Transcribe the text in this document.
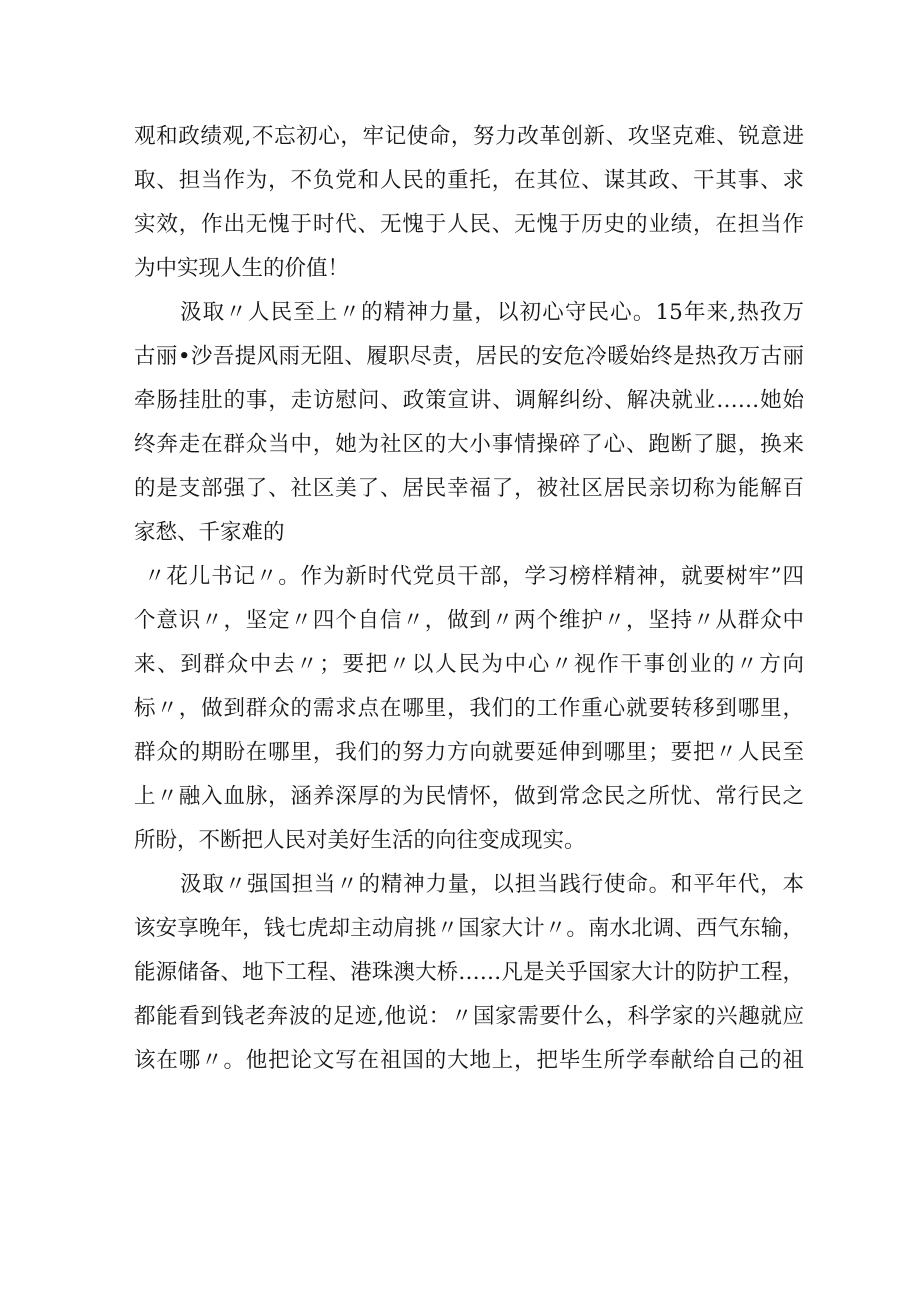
观和政绩观,不忘初心，牢记使命，努力改革创新、攻坚克难、锐意进
取、担当作为，不负党和人民的重托，在其位、谋其政、干其事、求
实效，作出无愧于时代、无愧于人民、无愧于历史的业绩，在担当作
为中实现人生的价值！
汲取〃人民至上〃的精神力量，以初心守民心。15年来,热孜万
古丽•沙吾提风雨无阻、履职尽责，居民的安危冷暖始终是热孜万古丽
牵肠挂肚的事，走访慰问、政策宣讲、调解纠纷、解决就业……她始
终奔走在群众当中，她为社区的大小事情操碎了心、跑断了腿，换来
的是支部强了、社区美了、居民幸福了，被社区居民亲切称为能解百
家愁、千家难的
〃花儿书记〃。作为新时代党员干部，学习榜样精神，就要树牢”四
个意识〃，坚定〃四个自信〃，做到〃两个维护〃，坚持〃从群众中
来、到群众中去〃；要把〃以人民为中心〃视作干事创业的〃方向
标〃，做到群众的需求点在哪里，我们的工作重心就要转移到哪里，
群众的期盼在哪里，我们的努力方向就要延伸到哪里；要把〃人民至
上〃融入血脉，涵养深厚的为民情怀，做到常念民之所忧、常行民之
所盼，不断把人民对美好生活的向往变成现实。
汲取〃强国担当〃的精神力量，以担当践行使命。和平年代，本
该安享晚年，钱七虎却主动肩挑〃国家大计〃。南水北调、西气东输，
能源储备、地下工程、港珠澳大桥……凡是关乎国家大计的防护工程，
都能看到钱老奔波的足迹,他说：〃国家需要什么，科学家的兴趣就应
该在哪〃。他把论文写在祖国的大地上，把毕生所学奉献给自己的祖
